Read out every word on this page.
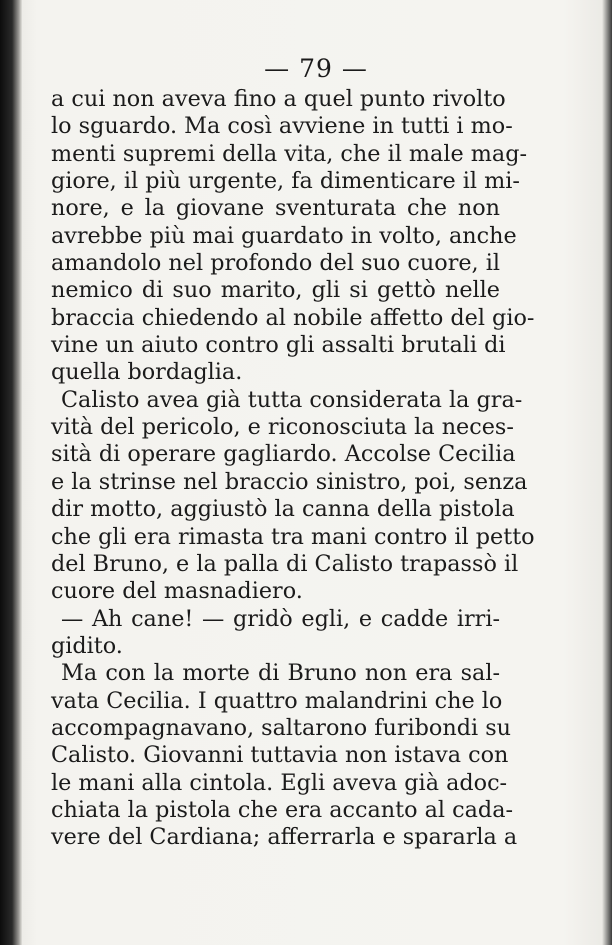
— 79 —
a cui non aveva fino a quel punto rivolto
lo sguardo. Ma così avviene in tutti i mo-
menti supremi della vita, che il male mag-
giore, il più urgente, fa dimenticare il mi-
nore, e la giovane sventurata che non
avrebbe più mai guardato in volto, anche
amandolo nel profondo del suo cuore, il
nemico di suo marito, gli si gettò nelle
braccia chiedendo al nobile affetto del gio-
vine un aiuto contro gli assalti brutali di
quella bordaglia.
Calisto avea già tutta considerata la gra-
vità del pericolo, e riconosciuta la neces-
sità di operare gagliardo. Accolse Cecilia
e la strinse nel braccio sinistro, poi, senza
dir motto, aggiustò la canna della pistola
che gli era rimasta tra mani contro il petto
del Bruno, e la palla di Calisto trapassò il
cuore del masnadiero.
— Ah cane! — gridò egli, e cadde irri-
gidito.
Ma con la morte di Bruno non era sal-
vata Cecilia. I quattro malandrini che lo
accompagnavano, saltarono furibondi su
Calisto. Giovanni tuttavia non istava con
le mani alla cintola. Egli aveva già adoc-
chiata la pistola che era accanto al cada-
vere del Cardiana; afferrarla e spararla a
